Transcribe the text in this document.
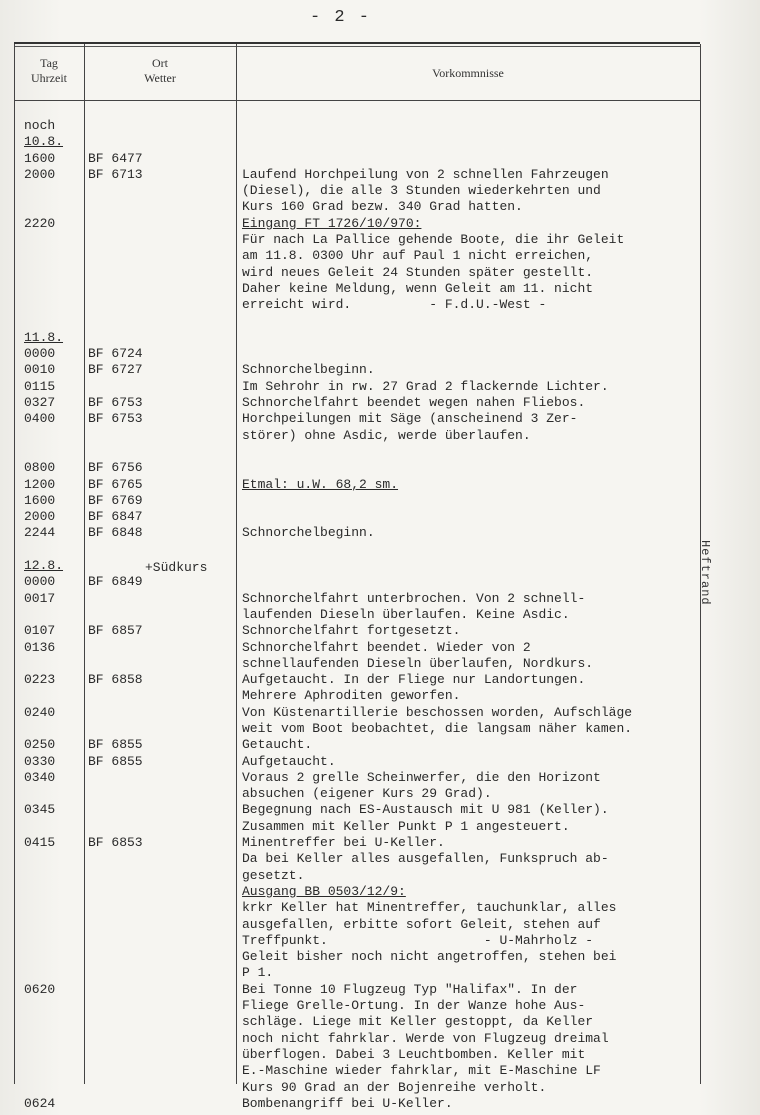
- 2 -
Tag
Uhrzeit
Ort
Wetter	Vorkommnisse
noch
10.8.
1600
2000
2220
11.8.
0000
0010
0115
0327
0400
0800
1200
1600
2000
2244
12.8.
0000
0017
0107
0136
0223
0240
0250
0330
0340
0345
0415
0620
0624
BF 6477
BF 6713
BF 6724
BF 6727
BF 6753
BF 6753
BF 6756
BF 6765
BF 6769
BF 6847
BF 6848
BF 6849
BF 6857
BF 6858
BF 6855
BF 6855
BF 6853
Laufend Horchpeilung von 2 schnellen Fahrzeugen
(Diesel), die alle 3 Stunden wiederkehrten und
Kurs 160 Grad bezw. 340 Grad hatten.
Eingang FT 1726/10/970:
Für nach La Pallice gehende Boote, die ihr Geleit
am 11.8. 0300 Uhr auf Paul 1 nicht erreichen,
wird neues Geleit 24 Stunden später gestellt.
Daher keine Meldung, wenn Geleit am 11. nicht
erreicht wird.          - F.d.U.-West -
Schnorchelbeginn.
Im Sehrohr in rw. 27 Grad 2 flackernde Lichter.
Schnorchelfahrt beendet wegen nahen Fliebos.
Horchpeilungen mit Säge (anscheinend 3 Zer-
störer) ohne Asdic, werde überlaufen.
Etmal: u.W. 68,2 sm.
Schnorchelbeginn.
Schnorchelfahrt unterbrochen. Von 2 schnell-
laufenden Dieseln überlaufen. Keine Asdic.
Schnorchelfahrt fortgesetzt.
Schnorchelfahrt beendet. Wieder von 2
schnellaufenden Dieseln überlaufen, Nordkurs.
Aufgetaucht. In der Fliege nur Landortungen.
Mehrere Aphroditen geworfen.
Von Küstenartillerie beschossen worden, Aufschläge
weit vom Boot beobachtet, die langsam näher kamen.
Getaucht.
Aufgetaucht.
Voraus 2 grelle Scheinwerfer, die den Horizont
absuchen (eigener Kurs 29 Grad).
Begegnung nach ES-Austausch mit U 981 (Keller).
Zusammen mit Keller Punkt P 1 angesteuert.
Minentreffer bei U-Keller.
Da bei Keller alles ausgefallen, Funkspruch ab-
gesetzt.
Ausgang BB 0503/12/9:
krkr Keller hat Minentreffer, tauchunklar, alles
ausgefallen, erbitte sofort Geleit, stehen auf
Treffpunkt.                    - U-Mahrholz -
Geleit bisher noch nicht angetroffen, stehen bei
P 1.
Bei Tonne 10 Flugzeug Typ "Halifax". In der
Fliege Grelle-Ortung. In der Wanze hohe Aus-
schläge. Liege mit Keller gestoppt, da Keller
noch nicht fahrklar. Werde von Flugzeug dreimal
überflogen. Dabei 3 Leuchtbomben. Keller mit
E.-Maschine wieder fahrklar, mit E-Maschine LF
Kurs 90 Grad an der Bojenreihe verholt.
Bombenangriff bei U-Keller.
+Südkurs	Heftrand
